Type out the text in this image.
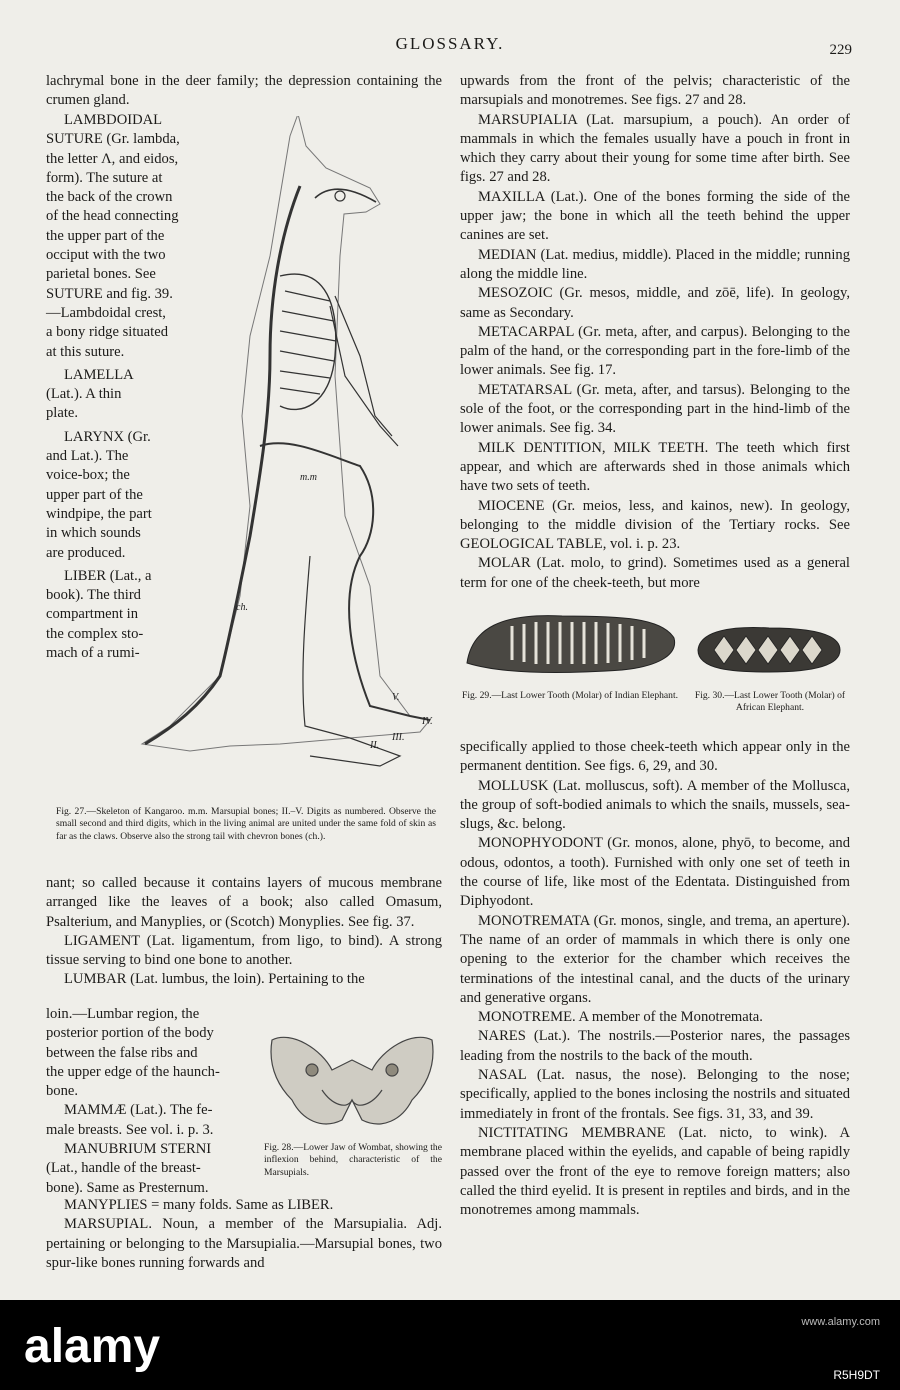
GLOSSARY.	229

lachrymal bone in the deer family; the depression containing the crumen gland.

LAMBDOIDAL
SUTURE (Gr. lambda,
the letter Λ, and eidos,
form). The suture at
the back of the crown
of the head connecting
the upper part of the
occiput with the two
parietal bones. See
SUTURE and fig. 39.
—Lambdoidal crest,
a bony ridge situated
at this suture.
LAMELLA
(Lat.). A thin
plate.
LARYNX (Gr.
and Lat.). The
voice-box; the
upper part of the
windpipe, the part
in which sounds
are produced.
LIBER (Lat., a
book). The third
compartment in
the complex sto-
mach of a rumi-
m.m
ch.
V.
IV.
III.
II.
Fig. 27.—Skeleton of Kangaroo. m.m. Marsupial bones; II.–V. Digits as numbered. Observe the small second and third digits, which in the living animal are united under the same fold of skin as far as the claws. Observe also the strong tail with chevron bones (ch.).

nant; so called because it contains layers of mucous membrane arranged like the leaves of a book; also called Omasum, Psalterium, and Manyplies, or (Scotch) Monyplies. See fig. 37.

LIGAMENT (Lat. ligamentum, from ligo, to bind). A strong tissue serving to bind one bone to another.

LUMBAR (Lat. lumbus, the loin). Pertaining to the

loin.—Lumbar region, the
posterior portion of the body
between the false ribs and
the upper edge of the haunch-
bone.
MAMMÆ (Lat.). The fe-
male breasts. See vol. i. p. 3.
MANUBRIUM STERNI
(Lat., handle of the breast-
bone). Same as Presternum.
Fig. 28.—Lower Jaw of Wombat, showing the inflexion behind, characteristic of the Marsupials.

MANYPLIES = many folds. Same as LIBER.

MARSUPIAL. Noun, a member of the Marsupialia. Adj. pertaining or belonging to the Marsupialia.—Marsupial bones, two spur-like bones running forwards and

upwards from the front of the pelvis; characteristic of the marsupials and monotremes. See figs. 27 and 28.

MARSUPIALIA (Lat. marsupium, a pouch). An order of mammals in which the females usually have a pouch in front in which they carry about their young for some time after birth. See figs. 27 and 28.

MAXILLA (Lat.). One of the bones forming the side of the upper jaw; the bone in which all the teeth behind the upper canines are set.

MEDIAN (Lat. medius, middle). Placed in the middle; running along the middle line.

MESOZOIC (Gr. mesos, middle, and zōē, life). In geology, same as Secondary.

METACARPAL (Gr. meta, after, and carpus). Belonging to the palm of the hand, or the corresponding part in the fore-limb of the lower animals. See fig. 17.

METATARSAL (Gr. meta, after, and tarsus). Belonging to the sole of the foot, or the corresponding part in the hind-limb of the lower animals. See fig. 34.

MILK DENTITION, MILK TEETH. The teeth which first appear, and which are afterwards shed in those animals which have two sets of teeth.

MIOCENE (Gr. meios, less, and kainos, new). In geology, belonging to the middle division of the Tertiary rocks. See GEOLOGICAL TABLE, vol. i. p. 23.

MOLAR (Lat. molo, to grind). Sometimes used as a general term for one of the cheek-teeth, but more

Fig. 29.—Last Lower Tooth (Molar) of Indian Elephant.	Fig. 30.—Last Lower Tooth (Molar) of African Elephant.

specifically applied to those cheek-teeth which appear only in the permanent dentition. See figs. 6, 29, and 30.

MOLLUSK (Lat. molluscus, soft). A member of the Mollusca, the group of soft-bodied animals to which the snails, mussels, sea-slugs, &c. belong.

MONOPHYODONT (Gr. monos, alone, phyō, to become, and odous, odontos, a tooth). Furnished with only one set of teeth in the course of life, like most of the Edentata. Distinguished from Diphyodont.

MONOTREMATA (Gr. monos, single, and trema, an aperture). The name of an order of mammals in which there is only one opening to the exterior for the chamber which receives the terminations of the intestinal canal, and the ducts of the urinary and generative organs.

MONOTREME. A member of the Monotremata.

NARES (Lat.). The nostrils.—Posterior nares, the passages leading from the nostrils to the back of the mouth.

NASAL (Lat. nasus, the nose). Belonging to the nose; specifically, applied to the bones inclosing the nostrils and situated immediately in front of the frontals. See figs. 31, 33, and 39.

NICTITATING MEMBRANE (Lat. nicto, to wink). A membrane placed within the eyelids, and capable of being rapidly passed over the front of the eye to remove foreign matters; also called the third eyelid. It is present in reptiles and birds, and in the monotremes among mammals.

alamy	www.alamy.com
R5H9DT
